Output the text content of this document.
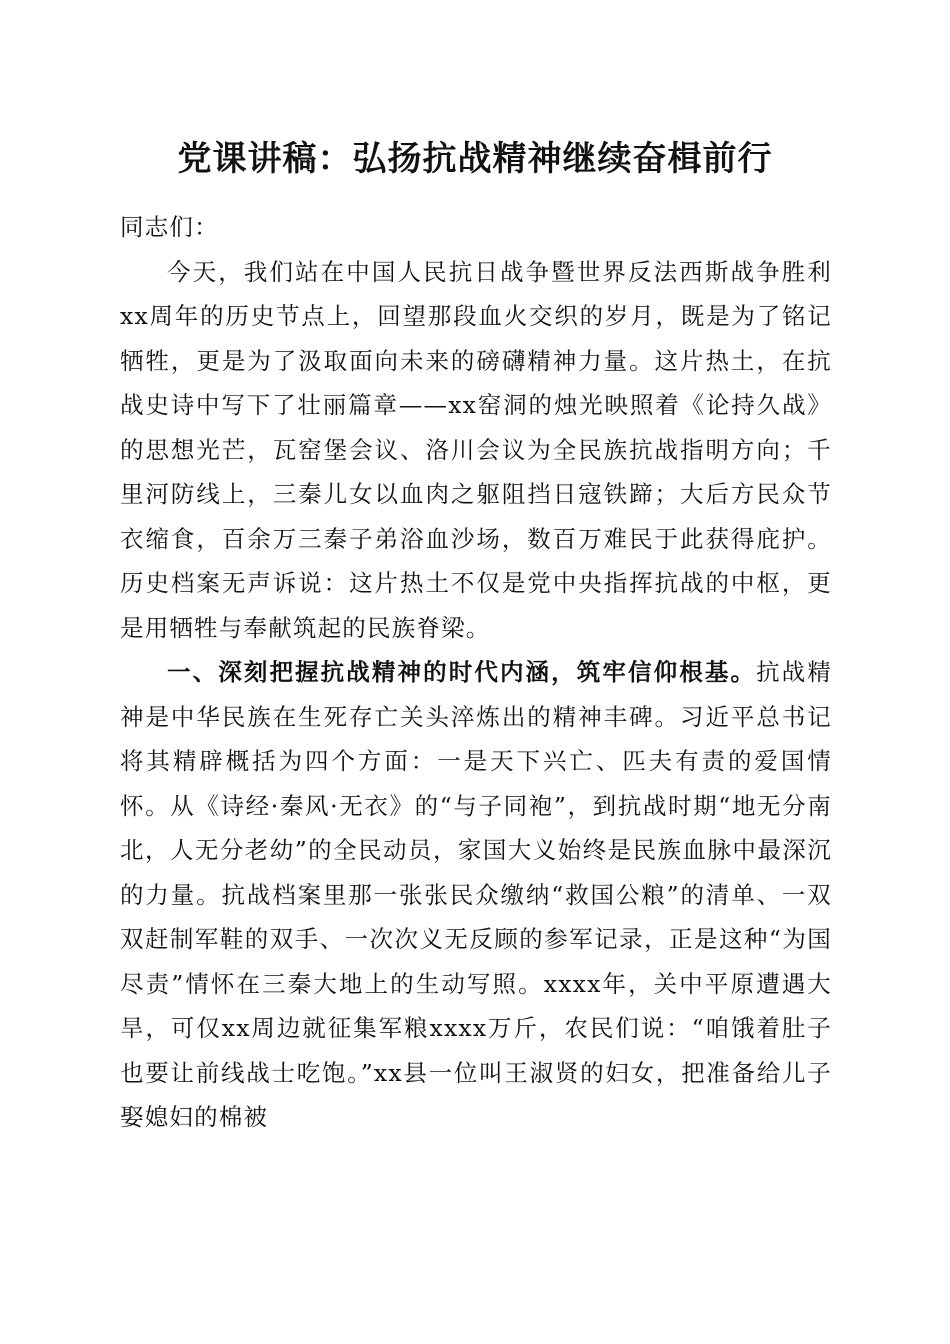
党课讲稿：弘扬抗战精神继续奋楫前行

同志们：

今天，我们站在中国人民抗日战争暨世界反法西斯战争胜利xx周年的历史节点上，回望那段血火交织的岁月，既是为了铭记牺牲，更是为了汲取面向未来的磅礴精神力量。这片热土，在抗战史诗中写下了壮丽篇章——xx窑洞的烛光映照着《论持久战》的思想光芒，瓦窑堡会议、洛川会议为全民族抗战指明方向；千里河防线上，三秦儿女以血肉之躯阻挡日寇铁蹄；大后方民众节衣缩食，百余万三秦子弟浴血沙场，数百万难民于此获得庇护。历史档案无声诉说：这片热土不仅是党中央指挥抗战的中枢，更是用牺牲与奉献筑起的民族脊梁。

一、深刻把握抗战精神的时代内涵，筑牢信仰根基。抗战精神是中华民族在生死存亡关头淬炼出的精神丰碑。习近平总书记将其精辟概括为四个方面：一是天下兴亡、匹夫有责的爱国情怀。从《诗经·秦风·无衣》的“与子同袍”，到抗战时期“地无分南北，人无分老幼”的全民动员，家国大义始终是民族血脉中最深沉的力量。抗战档案里那一张张民众缴纳“救国公粮”的清单、一双双赶制军鞋的双手、一次次义无反顾的参军记录，正是这种“为国尽责”情怀在三秦大地上的生动写照。xxxx年，关中平原遭遇大旱，可仅xx周边就征集军粮xxxx万斤，农民们说：“咱饿着肚子也要让前线战士吃饱。”xx县一位叫王淑贤的妇女，把准备给儿子娶媳妇的棉被
